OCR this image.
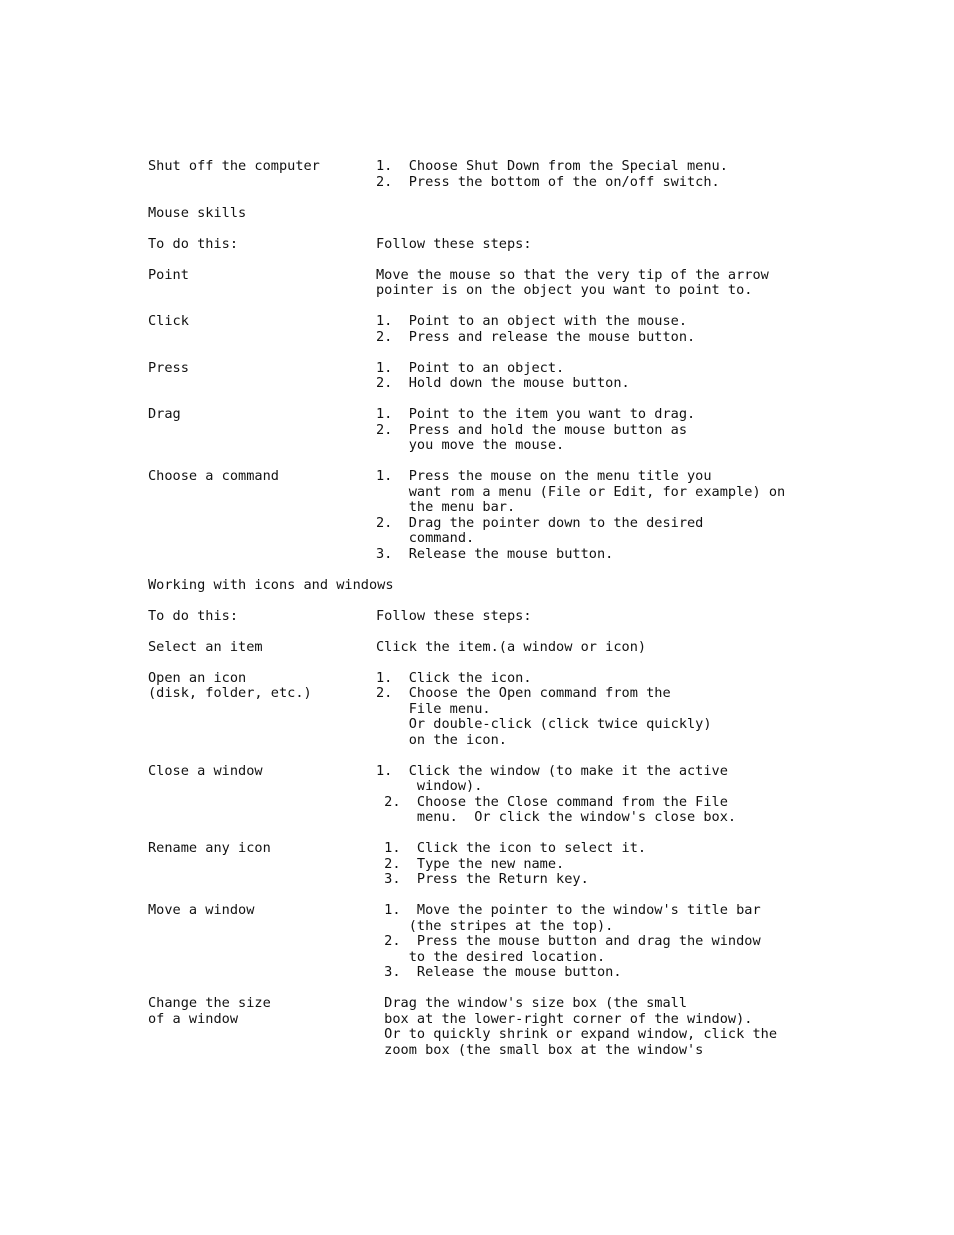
Shut off the computer	1.  Choose Shut Down from the Special menu.
2.  Press the bottom of the on/off switch.
Mouse skills
To do this:	Follow these steps:
Point	Move the mouse so that the very tip of the arrow
pointer is on the object you want to point to.
Click	1.  Point to an object with the mouse.
2.  Press and release the mouse button.
Press	1.  Point to an object.
2.  Hold down the mouse button.
Drag	1.  Point to the item you want to drag.
2.  Press and hold the mouse button as
you move the mouse.
Choose a command	1.  Press the mouse on the menu title you
want rom a menu (File or Edit, for example) on
the menu bar.
2.  Drag the pointer down to the desired
command.
3.  Release the mouse button.
Working with icons and windows
To do this:	Follow these steps:
Select an item	Click the item.(a window or icon)
Open an icon	1.  Click the icon.
(disk, folder, etc.)	2.  Choose the Open command from the
File menu.
Or double-click (click twice quickly)
on the icon.
Close a window	1.  Click the window (to make it the active
window).
2.  Choose the Close command from the File
menu.  Or click the window's close box.
Rename any icon	1.  Click the icon to select it.
2.  Type the new name.
3.  Press the Return key.
Move a window	1.  Move the pointer to the window's title bar
(the stripes at the top).
2.  Press the mouse button and drag the window
to the desired location.
3.  Release the mouse button.
Change the size	Drag the window's size box (the small
of a window	box at the lower-right corner of the window).
Or to quickly shrink or expand window, click the
zoom box (the small box at the window's
